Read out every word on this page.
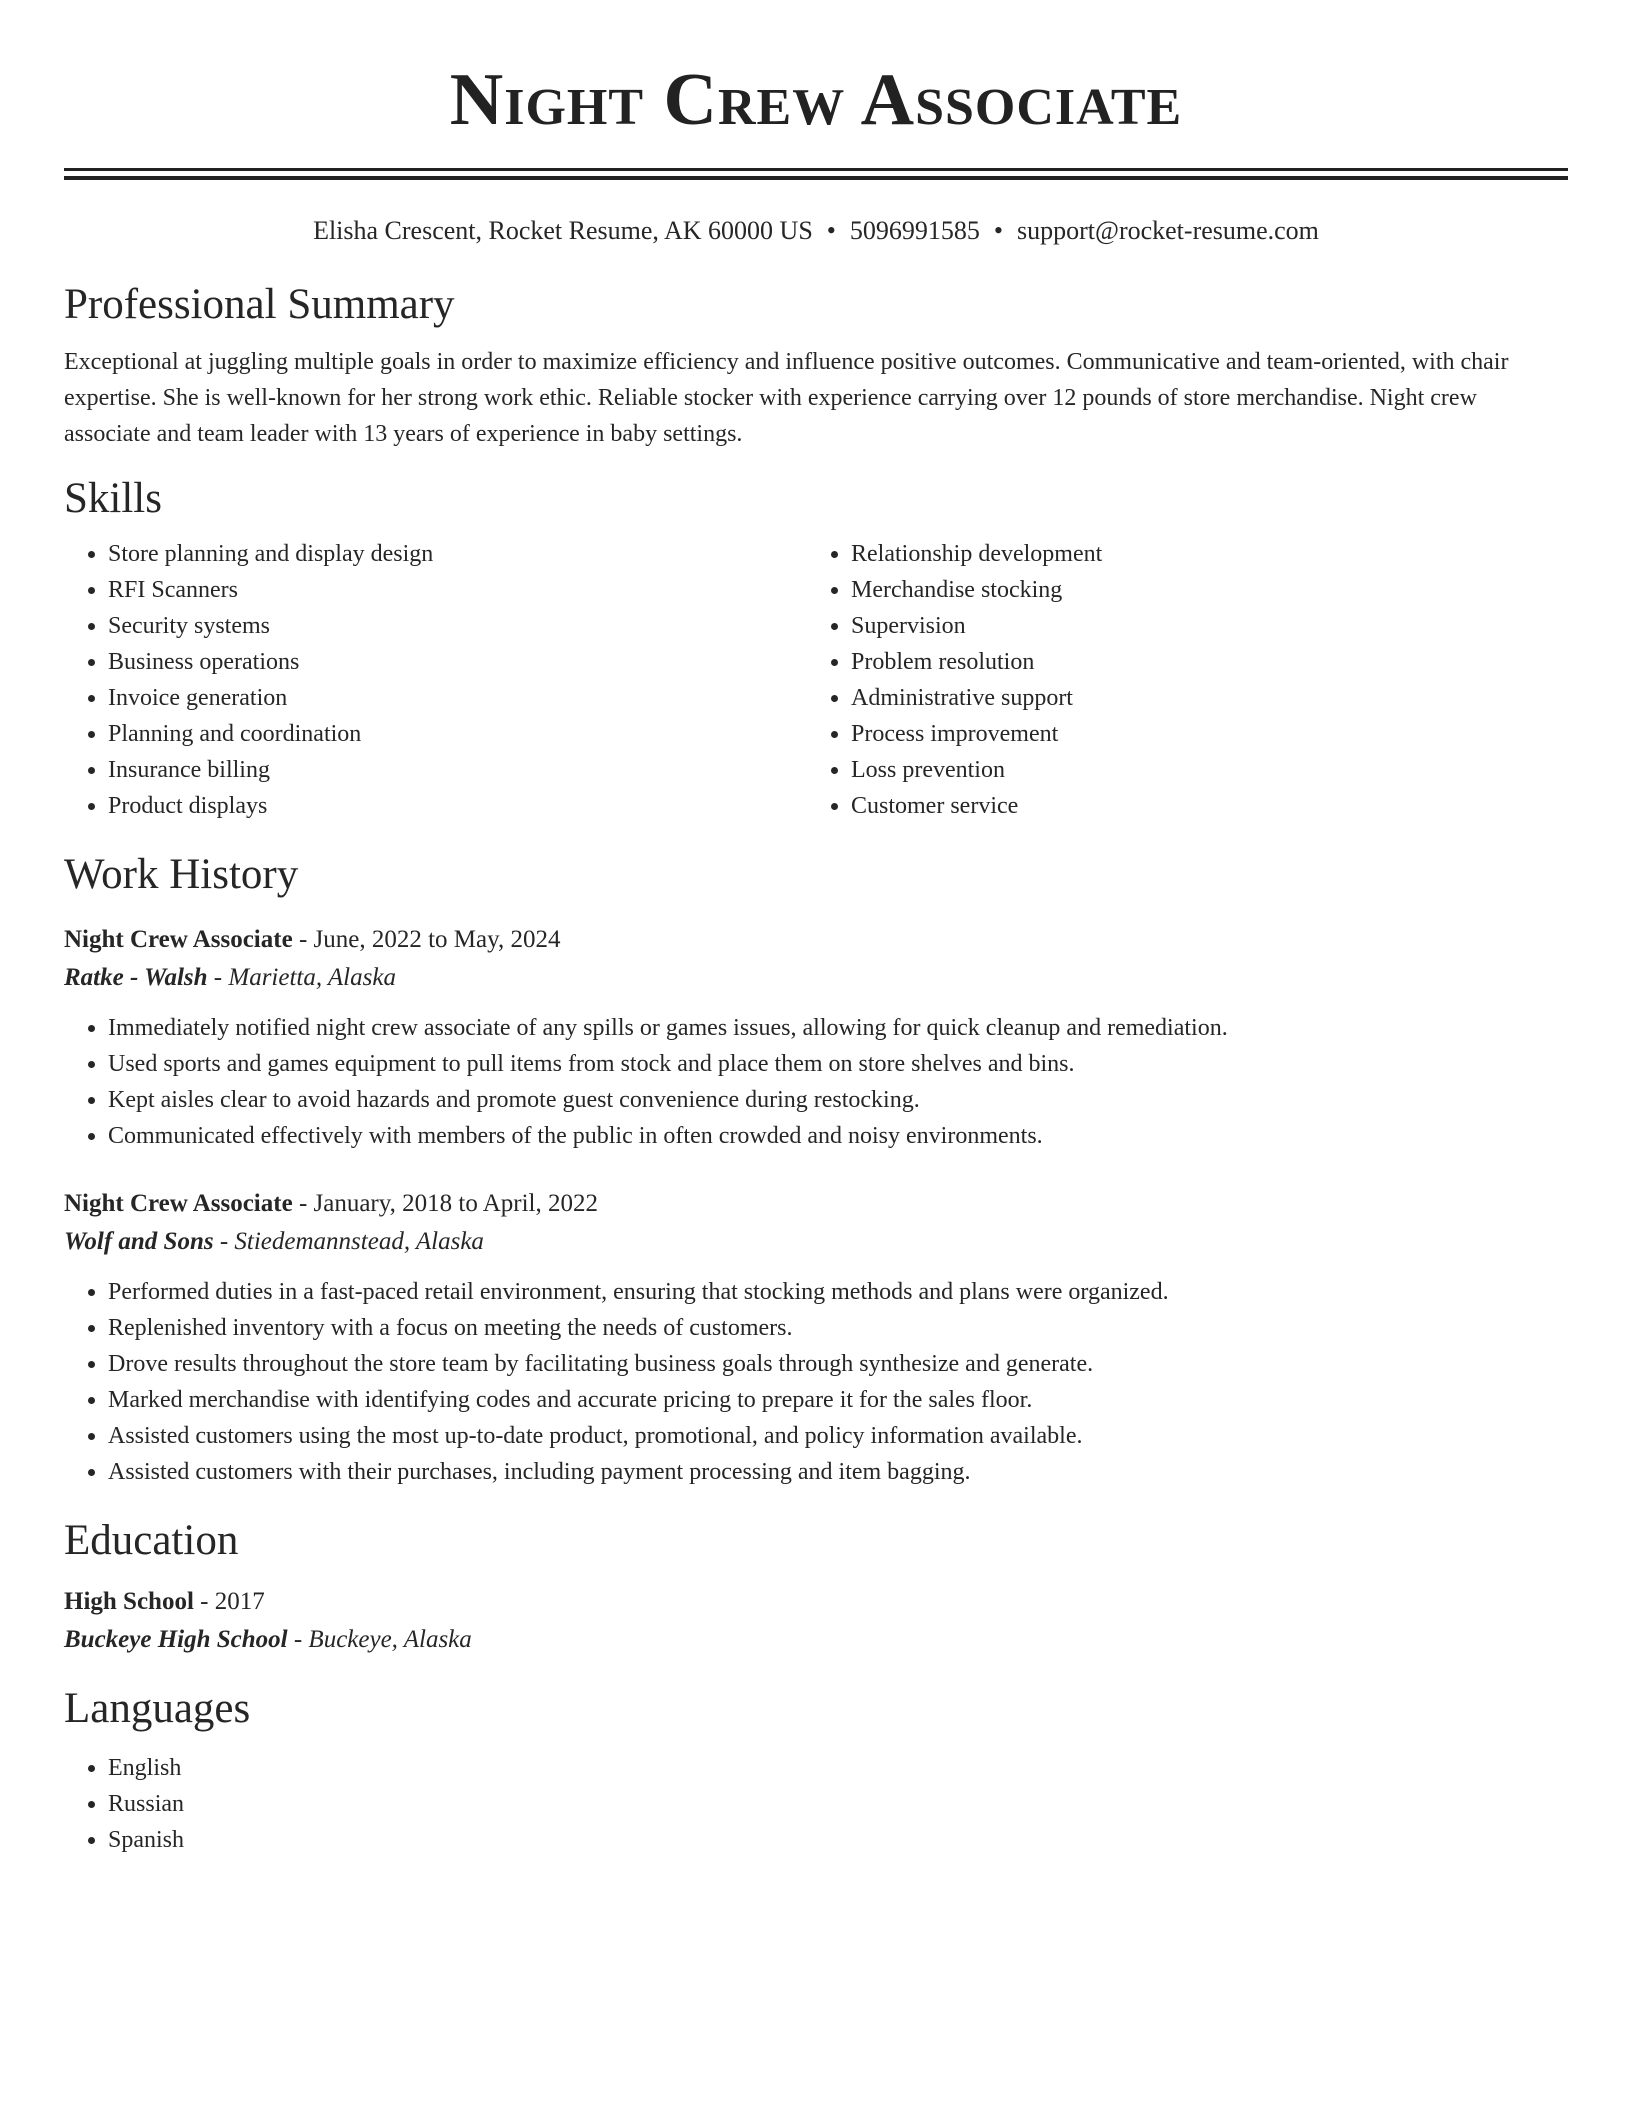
Night Crew Associate
Elisha Crescent, Rocket Resume, AK 60000 US • 5096991585 • support@rocket-resume.com
Professional Summary

Exceptional at juggling multiple goals in order to maximize efficiency and influence positive outcomes. Communicative and team-oriented, with chair expertise. She is well-known for her strong work ethic. Reliable stocker with experience carrying over 12 pounds of store merchandise. Night crew associate and team leader with 13 years of experience in baby settings.

Skills
• Store planning and display design
• RFI Scanners
• Security systems
• Business operations
• Invoice generation
• Planning and coordination
• Insurance billing
• Product displays
• Relationship development
• Merchandise stocking
• Supervision
• Problem resolution
• Administrative support
• Process improvement
• Loss prevention
• Customer service
Work History
Night Crew Associate - June, 2022 to May, 2024
Ratke - Walsh - Marietta, Alaska
• Immediately notified night crew associate of any spills or games issues, allowing for quick cleanup and remediation.
• Used sports and games equipment to pull items from stock and place them on store shelves and bins.
• Kept aisles clear to avoid hazards and promote guest convenience during restocking.
• Communicated effectively with members of the public in often crowded and noisy environments.
Night Crew Associate - January, 2018 to April, 2022
Wolf and Sons - Stiedemannstead, Alaska
• Performed duties in a fast-paced retail environment, ensuring that stocking methods and plans were organized.
• Replenished inventory with a focus on meeting the needs of customers.
• Drove results throughout the store team by facilitating business goals through synthesize and generate.
• Marked merchandise with identifying codes and accurate pricing to prepare it for the sales floor.
• Assisted customers using the most up-to-date product, promotional, and policy information available.
• Assisted customers with their purchases, including payment processing and item bagging.
Education
High School - 2017
Buckeye High School - Buckeye, Alaska
Languages
• English
• Russian
• Spanish
